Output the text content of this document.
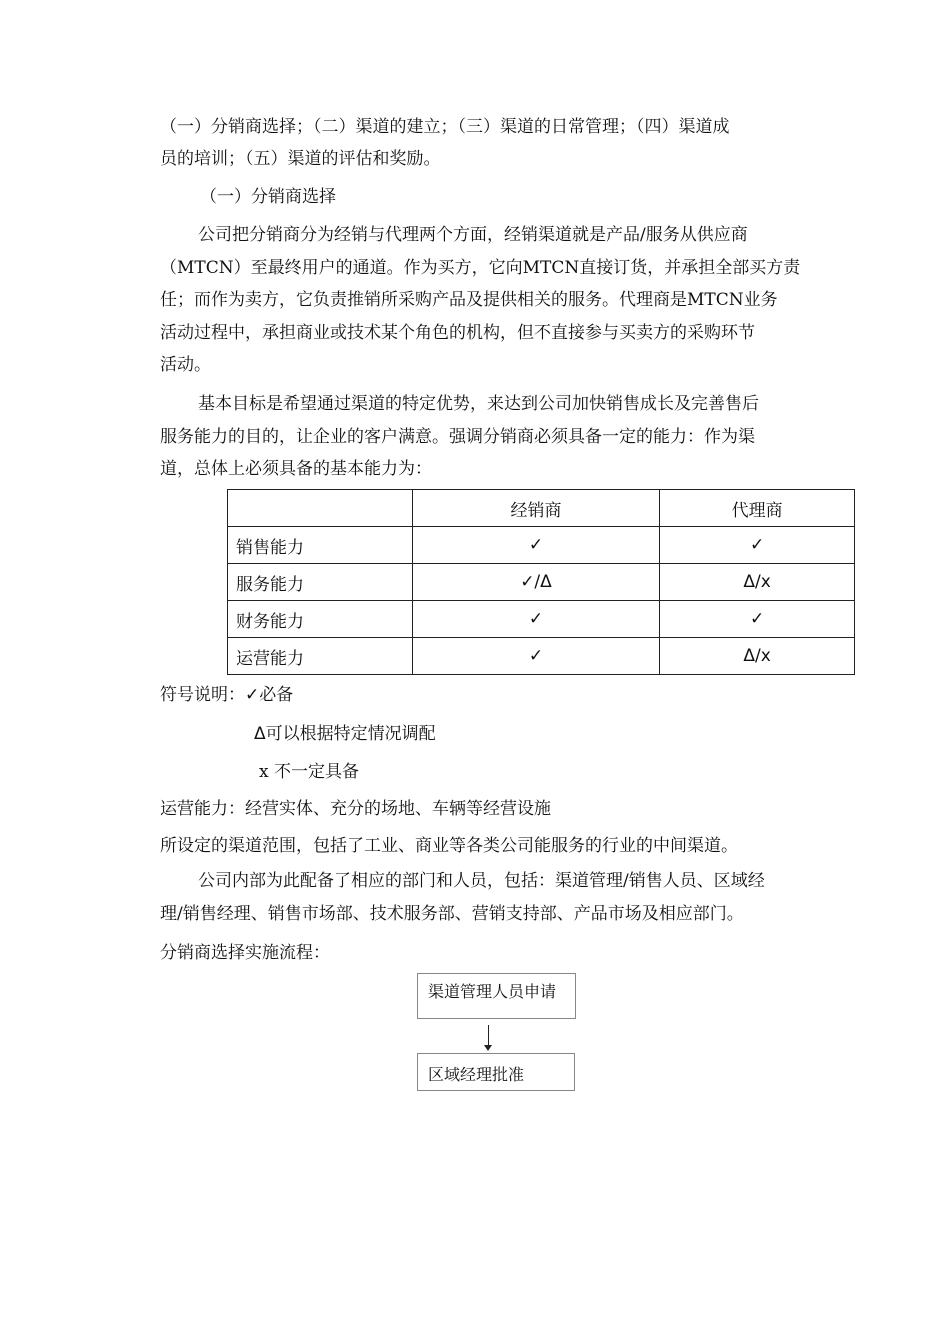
（一）分销商选择；（二）渠道的建立；（三）渠道的日常管理；（四）渠道成
员的培训；（五）渠道的评估和奖励。
（一）分销商选择
公司把分销商分为经销与代理两个方面，经销渠道就是产品/服务从供应商
（MTCN）至最终用户的通道。作为买方，它向MTCN直接订货，并承担全部买方责
任；而作为卖方，它负责推销所采购产品及提供相关的服务。代理商是MTCN业务
活动过程中，承担商业或技术某个角色的机构，但不直接参与买卖方的采购环节
活动。
基本目标是希望通过渠道的特定优势，来达到公司加快销售成长及完善售后
服务能力的目的，让企业的客户满意。强调分销商必须具备一定的能力：作为渠
道，总体上必须具备的基本能力为：
	经销商	代理商
销售能力	✓	✓
服务能力	✓/Δ	Δ/x
财务能力	✓	✓
运营能力	✓	Δ/x
符号说明：✓必备
Δ可以根据特定情况调配
x 不一定具备
运营能力：经营实体、充分的场地、车辆等经营设施
所设定的渠道范围，包括了工业、商业等各类公司能服务的行业的中间渠道。
公司内部为此配备了相应的部门和人员，包括：渠道管理/销售人员、区域经
理/销售经理、销售市场部、技术服务部、营销支持部、产品市场及相应部门。
分销商选择实施流程：
渠道管理人员申请
区域经理批准
